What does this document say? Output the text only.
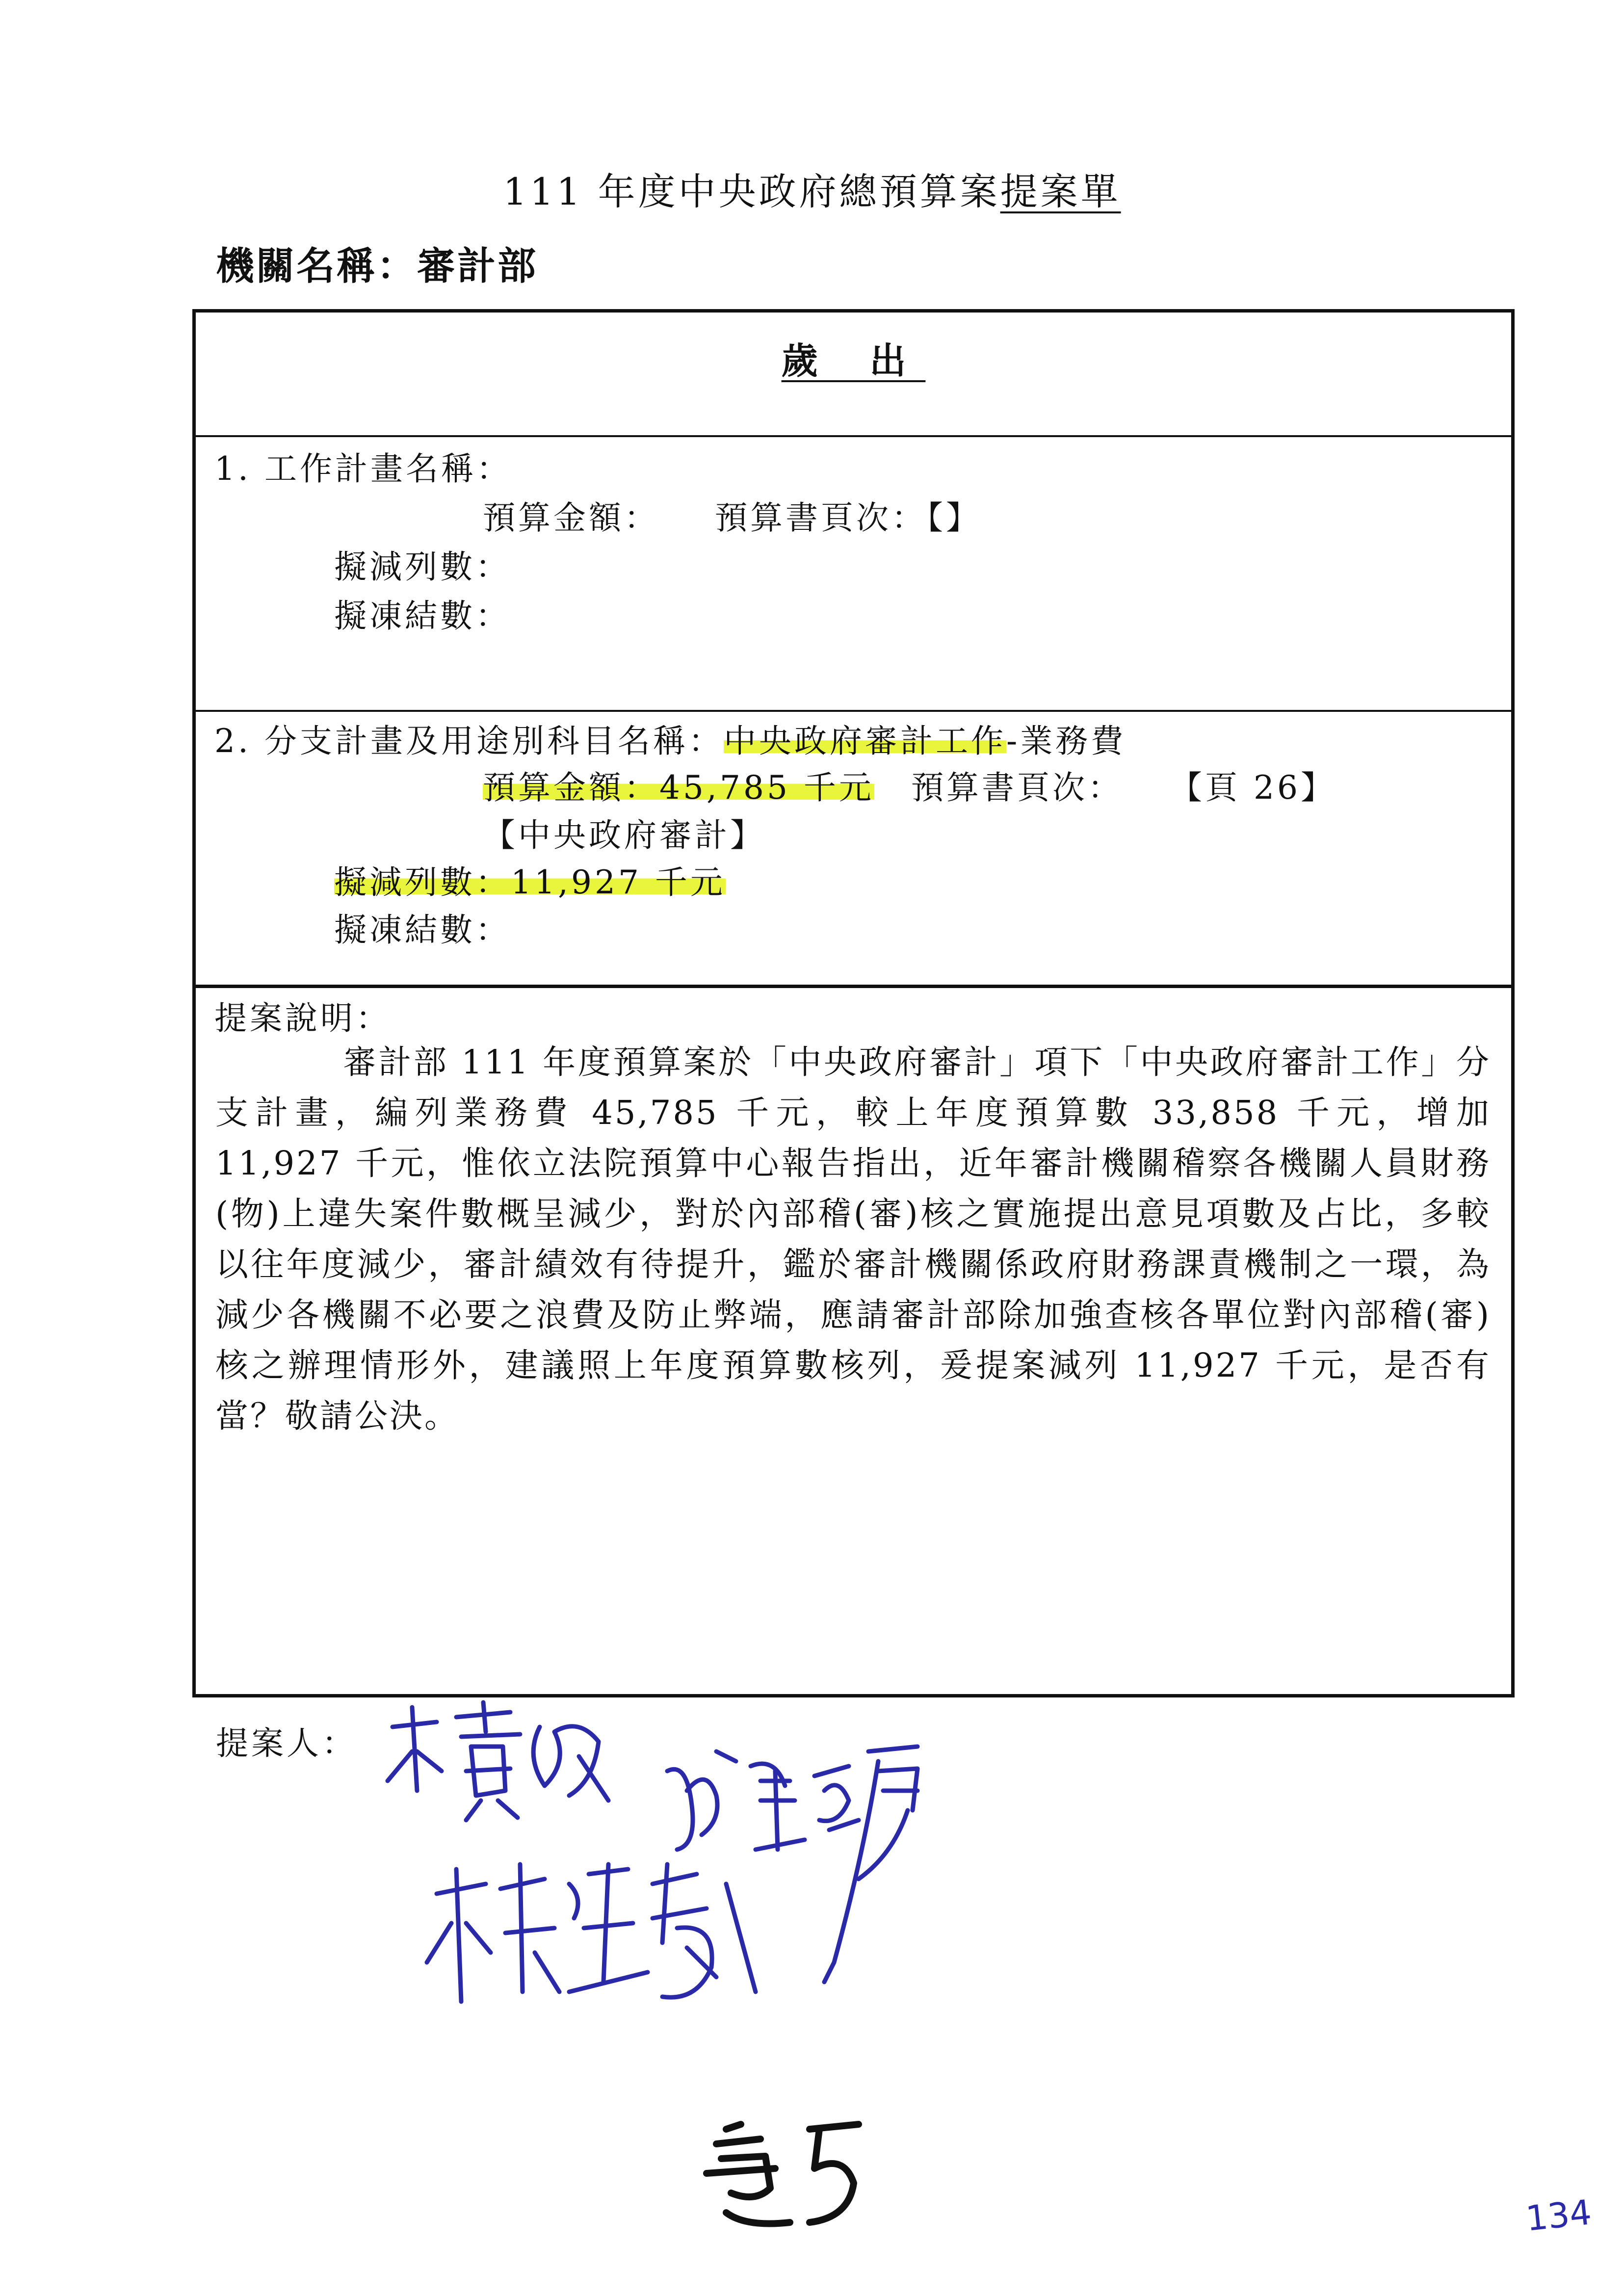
111 年度中央政府總預算案提案單
機關名稱：審計部
歲 出
1. 工作計畫名稱：
預算金額： 預算書頁次：【】
擬減列數：
擬凍結數：
2. 分支計畫及用途別科目名稱：中央政府審計工作-業務費
預算金額：45,785 千元 預算書頁次： 【頁 26】
【中央政府審計】
擬減列數：11,927 千元
擬凍結數：
提案說明：
審計部 111 年度預算案於「中央政府審計」項下「中央政府審計工作」分支計畫，編列業務費 45,785 千元，較上年度預算數 33,858 千元，增加 11,927 千元，惟依立法院預算中心報告指出，近年審計機關稽察各機關人員財務(物)上違失案件數概呈減少，對於內部稽(審)核之實施提出意見項數及占比，多較以往年度減少，審計績效有待提升，鑑於審計機關係政府財務課責機制之一環，為減少各機關不必要之浪費及防止弊端，應請審計部除加強查核各單位對內部稽(審)核之辦理情形外，建議照上年度預算數核列，爰提案減列 11,927 千元，是否有當？敬請公決。
提案人：
134
